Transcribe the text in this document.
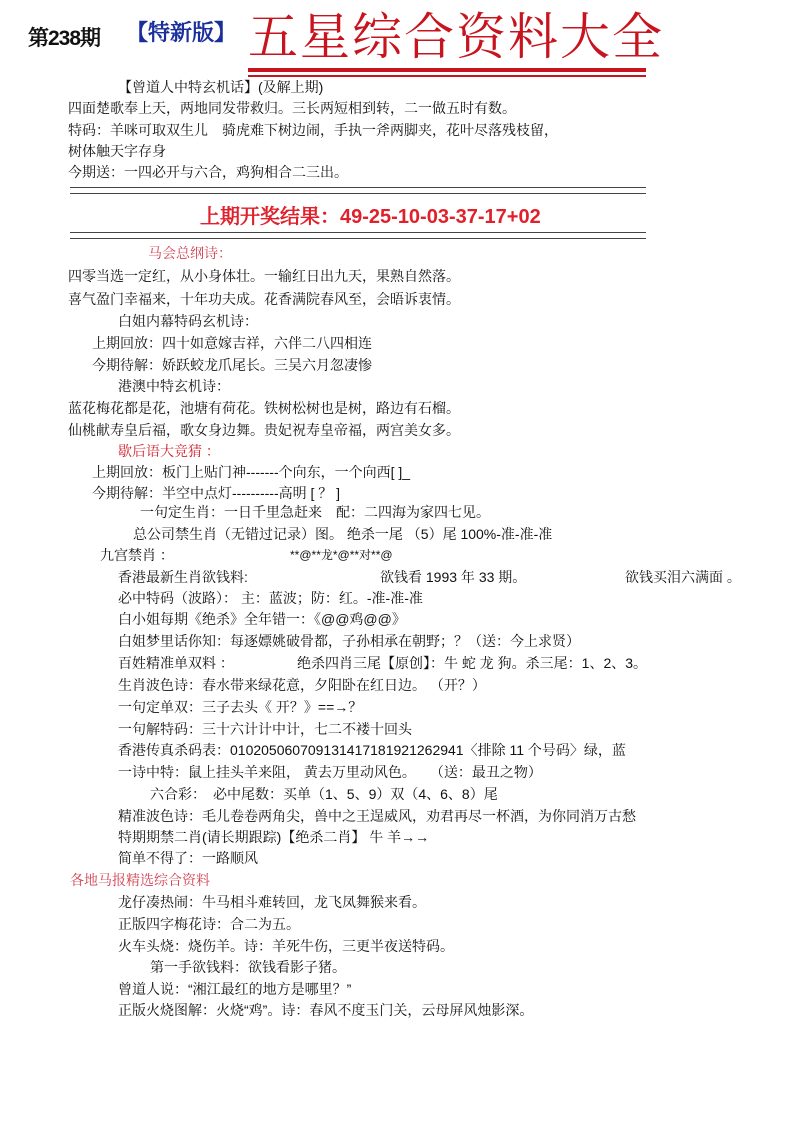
第238期 【特新版】 五星综合资料大全
【曾道人中特玄机话】(及解上期)
四面楚歌奉上天，两地同发带救归。三长两短相到转，二一做五时有数。
特码：羊咪可取双生儿　骑虎难下树边闹，手执一斧两脚夹，花叶尽落残枝留，
树体触天字存身
今期送：一四必开与六合，鸡狗相合二三出。
上期开奖结果：49-25-10-03-37-17+02
马会总纲诗：
四零当选一定红，从小身体壮。一输红日出九天，果熟自然落。
喜气盈门幸福来，十年功夫成。花香满院春风至，会晤诉衷情。
白姐内幕特码玄机诗：
上期回放：四十如意嫁吉祥，六伴二八四相连
今期待解：娇跃蛟龙爪尾长。三吴六月忽凄惨
港澳中特玄机诗：
蓝花梅花都是花，池塘有荷花。铁树松树也是树，路边有石榴。
仙桃献寿皇后福，歌女身边舞。贵妃祝寿皇帝福，两宫美女多。
歇后语大竞猜 ：
上期回放：板门上贴门神-------个向东，一个向西[ ]_
今期待解：半空中点灯----------高明 [ ？ ]
一句定生肖：一日千里急赶来　配：二四海为家四七见。
总公司禁生肖（无错过记录）图。 绝杀一尾 （5）尾 100%-准-准-准
九宫禁肖 ：	**@**龙*@**对**@
香港最新生肖欲钱料:	欲钱看 1993 年 33 期。	欲钱买泪六满面 。
必中特码（波路）： 主：蓝波；防：红。-准-准-准
白小姐每期《绝杀》全年错一：《@@鸡@@》
白姐梦里话你知：每逐嫖姚破骨都，子孙相承在朝野；？（送：今上求贤）
百姓精准单双料 ：	绝杀四肖三尾【原创】：牛 蛇 龙 狗。杀三尾：1、2、3。
生肖波色诗：春水带来绿花意，夕阳卧在红日边。 （开？）
一句定单双：三子去头《 开？》==→？
一句解特码：三十六计计中计，七二不褛十回头
香港传真杀码表：0102050607091314171819212629​41〈排除 11 个号码〉绿，蓝
一诗中特：鼠上挂头羊来阻， 黄去万里动风色。　　（送：最丑之物）
六合彩：　必中尾数：买单（1、5、9）双（4、6、8）尾
精准波色诗：毛儿卷卷两角尖，兽中之王逞威风，劝君再尽一杯酒，为你同消万古愁
特期期禁二肖(请长期跟踪)【绝杀二肖】 牛 羊→→
简单不得了：一路顺风
各地马报精选综合资料
龙仔凑热闹：牛马相斗难转回，龙飞凤舞猴来看。
正版四字梅花诗：合二为五。
火车头烧：烧伤羊。诗：羊死牛伤，三更半夜送特码。
第一手欲钱料：欲钱看影子猪。
曾道人说：“湘江最红的地方是哪里？”
正版火烧图解：火烧“鸡”。诗：春风不度玉门关，云母屏风烛影深。
